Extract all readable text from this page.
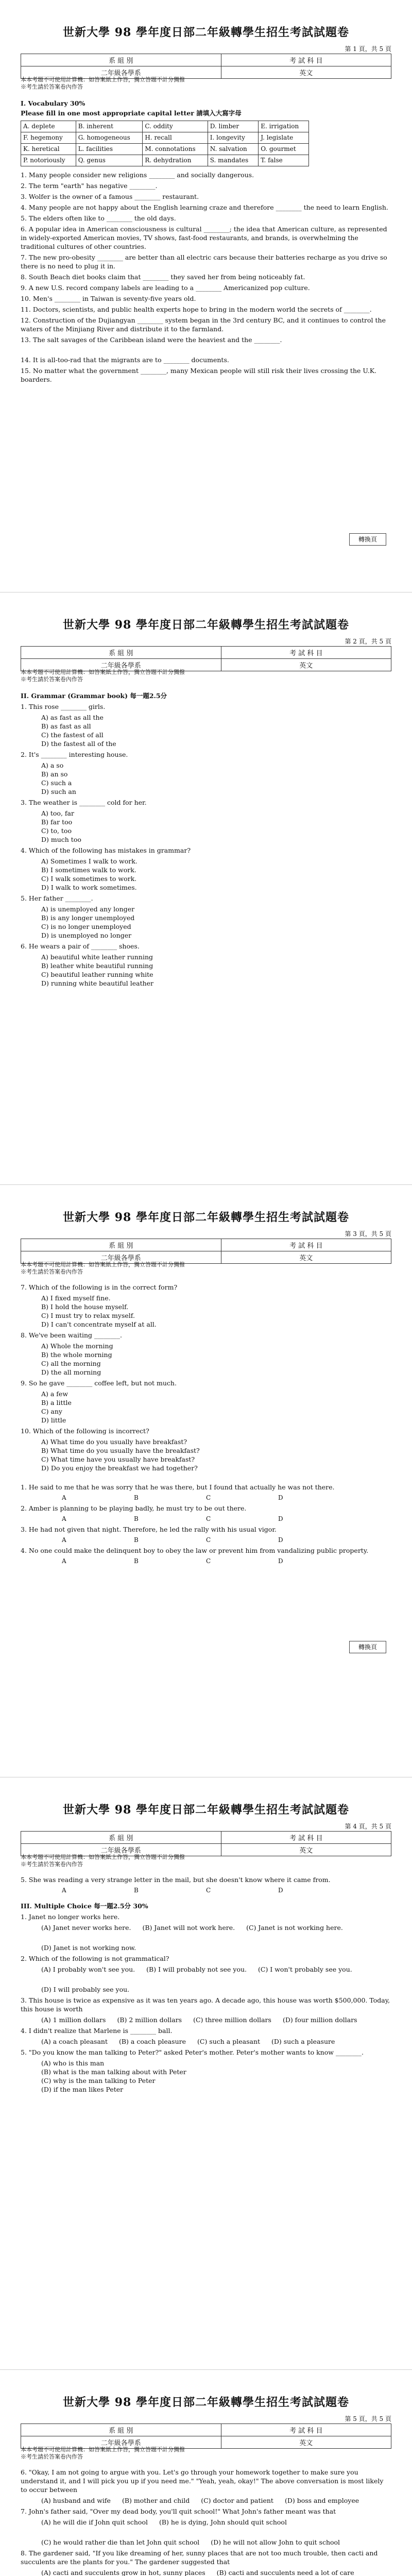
世新大學 98 學年度日部二年級轉學生招生考試試題卷
第 1 頁，共 5 頁
系 組 別	考 試 科 目
二年級各學系	英文
本本考題不可使用計算機：如答案紙上作答，獨立答題不計分獨撥
※考生請於答案卷內作答
I. Vocabulary 30%
Please fill in one most appropriate capital letter 請填入大寫字母
A. deplete	B. inherent	C. oddity	D. limber	E. irrigation
F. hegemony	G. homogeneous	H. recall	I. longevity	J. legislate
K. heretical	L. facilities	M. connotations	N. salvation	O. gourmet
P. notoriously	Q. genus	R. dehydration	S. mandates	T. false
1. Many people consider new religions ________ and socially dangerous.
2. The term "earth" has negative ________.
3. Wolfer is the owner of a famous ________ restaurant.
4. Many people are not happy about the English learning craze and therefore ________ the need to learn English.
5. The elders often like to ________ the old days.
6. A popular idea in American consciousness is cultural ________; the idea that American culture, as represented in widely-exported American movies, TV shows, fast-food restaurants, and brands, is overwhelming the traditional cultures of other countries.
7. The new pro-obesity ________ are better than all electric cars because their batteries recharge as you drive so there is no need to plug it in.
8. South Beach diet books claim that ________ they saved her from being noticeably fat.
9. A new U.S. record company labels are leading to a ________ Americanized pop culture.
10. Men's ________ in Taiwan is seventy-five years old.
11. Doctors, scientists, and public health experts hope to bring in the modern world the secrets of ________.
12. Construction of the Dujiangyan ________ system began in the 3rd century BC, and it continues to control the waters of the Minjiang River and distribute it to the farmland.
13. The salt savages of the Caribbean island were the heaviest and the ________.
14. It is all-too-rad that the migrants are to ________ documents.
15. No matter what the government ________, many Mexican people will still risk their lives crossing the U.K. boarders.
轉換頁
世新大學 98 學年度日部二年級轉學生招生考試試題卷
第 2 頁，共 5 頁
系 組 別	考 試 科 目
二年級各學系	英文
本本考題不可使用計算機：如答案紙上作答，獨立答題不計分獨撥
※考生請於答案卷內作答
II. Grammar (Grammar book) 每一題2.5分
1. This rose ________ girls.
A) as fast as all the
B) as fast as all
C) the fastest of all
D) the fastest all of the
2. It's ________ interesting house.
A) a so
B) an so
C) such a
D) such an
3. The weather is ________ cold for her.
A) too, far
B) far too
C) to, too
D) much too
4. Which of the following has mistakes in grammar?
A) Sometimes I walk to work.
B) I sometimes walk to work.
C) I walk sometimes to work.
D) I walk to work sometimes.
5. Her father ________.
A) is unemployed any longer
B) is any longer unemployed
C) is no longer unemployed
D) is unemployed no longer
6. He wears a pair of ________ shoes.
A) beautiful white leather running
B) leather white beautiful running
C) beautiful leather running white
D) running white beautiful leather
世新大學 98 學年度日部二年級轉學生招生考試試題卷
第 3 頁，共 5 頁
系 組 別	考 試 科 目
二年級各學系	英文
本本考題不可使用計算機：如答案紙上作答，獨立答題不計分獨撥
※考生請於答案卷內作答
7. Which of the following is in the correct form?
A) I fixed myself fine.
B) I hold the house myself.
C) I must try to relax myself.
D) I can't concentrate myself at all.
8. We've been waiting ________.
A) Whole the morning
B) the whole morning
C) all the morning
D) the all morning
9. So he gave ________ coffee left, but not much.
A) a few
B) a little
C) any
D) little
10. Which of the following is incorrect?
A) What time do you usually have breakfast?
B) What time do you usually have the breakfast?
C) What time have you usually have breakfast?
D) Do you enjoy the breakfast we had together?
1. He said to me that he was sorry that he was there, but I found that actually he was not there.
A	B	C	D
2. Amber is planning to be playing badly, he must try to be out there.
A	B	C	D
3. He had not given that night. Therefore, he led the rally with his usual vigor.
A	B	C	D
4. No one could make the delinquent boy to obey the law or prevent him from vandalizing public property.
A	B	C	D
轉換頁
世新大學 98 學年度日部二年級轉學生招生考試試題卷
第 4 頁，共 5 頁
系 組 別	考 試 科 目
二年級各學系	英文
本本考題不可使用計算機：如答案紙上作答，獨立答題不計分獨撥
※考生請於答案卷內作答
5. She was reading a very strange letter in the mail, but she doesn't know where it came from.
A	B	C	D
III. Multiple Choice 每一題2.5分 30%
1. Janet no longer works here.
(A) Janet never works here. (B) Janet will not work here. (C) Janet is not working here.
(D) Janet is not working now.
2. Which of the following is not grammatical?
(A) I probably won't see you. (B) I will probably not see you. (C) I won't probably see you.
(D) I will probably see you.
3. This house is twice as expensive as it was ten years ago. A decade ago, this house was worth $500,000. Today, this house is worth
(A) 1 million dollars (B) 2 million dollars (C) three million dollars (D) four million dollars
4. I didn't realize that Marlene is ________ ball.
(A) a coach pleasant (B) a coach pleasure (C) such a pleasant (D) such a pleasure
5. "Do you know the man talking to Peter?" asked Peter's mother. Peter's mother wants to know ________.
(A) who is this man
(B) what is the man talking about with Peter
(C) why is the man talking to Peter
(D) if the man likes Peter
世新大學 98 學年度日部二年級轉學生招生考試試題卷
第 5 頁，共 5 頁
系 組 別	考 試 科 目
二年級各學系	英文
本本考題不可使用計算機：如答案紙上作答，獨立答題不計分獨撥
※考生請於答案卷內作答
6. "Okay, I am not going to argue with you. Let's go through your homework together to make sure you understand it, and I will pick you up if you need me." "Yeah, yeah, okay!" The above conversation is most likely to occur between
(A) husband and wife (B) mother and child (C) doctor and patient (D) boss and employee
7. John's father said, "Over my dead body, you'll quit school!" What John's father meant was that
(A) he will die if John quit school (B) he is dying, John should quit school
(C) he would rather die than let John quit school (D) he will not allow John to quit school
8. The gardener said, "If you like dreaming of her, sunny places that are not too much trouble, then cacti and succulents are the plants for you." The gardener suggested that
(A) cacti and succulents grow in hot, sunny places (B) cacti and succulents need a lot of care
